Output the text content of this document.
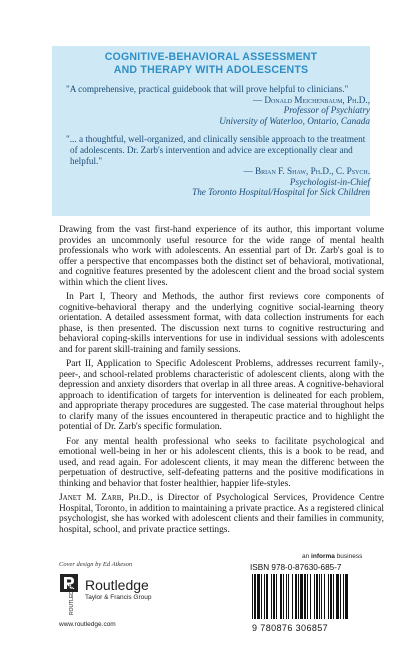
COGNITIVE-BEHAVIORAL ASSESSMENT
AND THERAPY WITH ADOLESCENTS
"A comprehensive, practical guidebook that will prove helpful to clinicians."
— Donald Meichenbaum, Ph.D.,
Professor of Psychiatry
University of Waterloo, Ontario, Canada
"... a thoughtful, well-organized, and clinically sensible approach to the treatment of adolescents. Dr. Zarb's intervention and advice are exceptionally clear and helpful."
— Brian F. Shaw, Ph.D., C. Psych.
Psychologist-in-Chief
The Toronto Hospital/Hospital for Sick Children

Drawing from the vast first-hand experience of its author, this important volume provides an uncommonly useful resource for the wide range of mental health professionals who work with adolescents. An essential part of Dr. Zarb's goal is to offer a perspective that encompasses both the distinct set of behavioral, motivational, and cognitive features presented by the adolescent client and the broad social system within which the client lives.

In Part I, Theory and Methods, the author first reviews core components of cognitive-behavioral therapy and the underlying cognitive social-learning theory orientation. A detailed assessment format, with data collection instruments for each phase, is then presented. The discussion next turns to cognitive restructuring and behavioral coping-skills interventions for use in individual sessions with adolescents and for parent skill-training and family sessions.

Part II, Application to Specific Adolescent Problems, addresses recurrent family-, peer-, and school-related problems characteristic of adolescent clients, along with the depression and anxiety disorders that overlap in all three areas. A cognitive-behavioral approach to identification of targets for intervention is delineated for each problem, and appropriate therapy procedures are suggested. The case material throughout helps to clarify many of the issues encountered in therapeutic practice and to highlight the potential of Dr. Zarb's specific formulation.

For any mental health professional who seeks to facilitate psychological and emotional well-being in her or his adolescent clients, this is a book to be read, and used, and read again. For adolescent clients, it may mean the differenc between the perpetuation of destructive, self-defeating patterns and the positive modifications in thinking and behavior that foster healthier, happier life-styles.

Janet M. Zarb, Ph.D., is Director of Psychological Services, Providence Centre Hospital, Toronto, in addition to maintaining a private practice. As a registered clinical psychologist, she has worked with adolescent clients and their families in community, hospital, school, and private practice settings.

Cover design by Ed Atkeson
ROUTLEDGE Routledge
Taylor & Francis Group
www.routledge.com
an informa business
ISBN 978-0-87630-685-7
9 780876 306857
